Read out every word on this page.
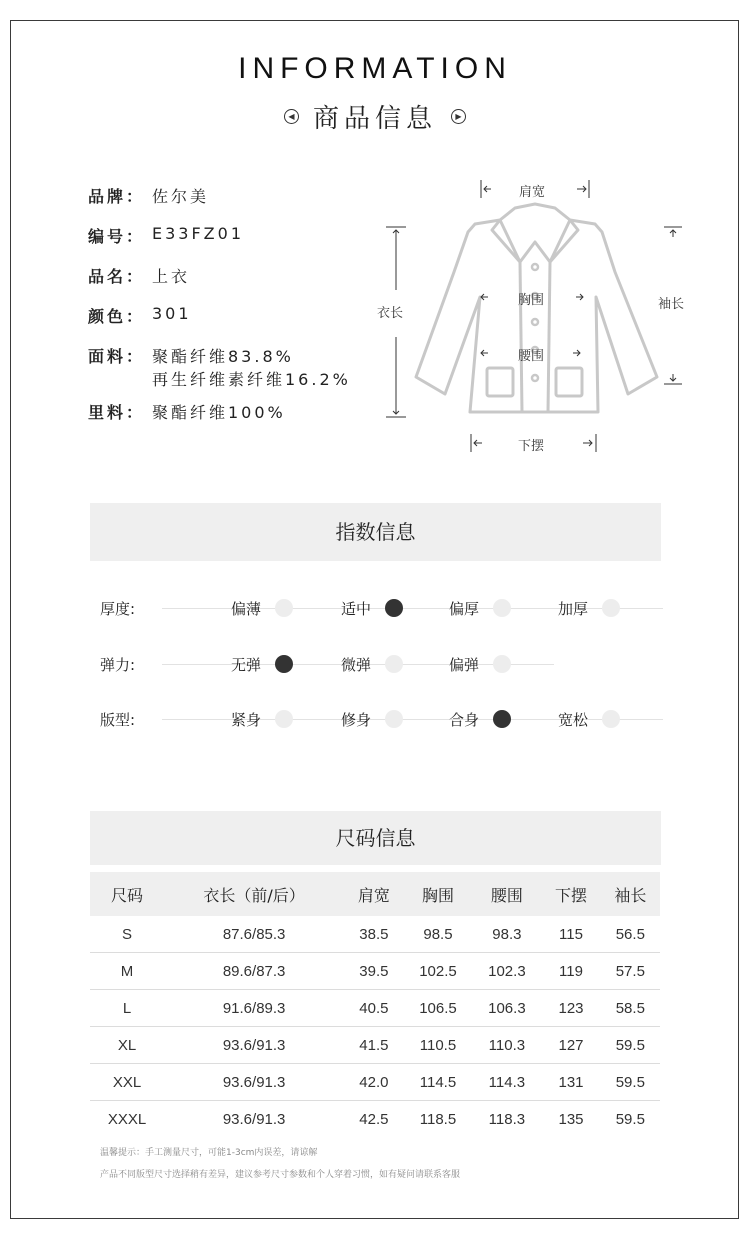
INFORMATION
◀ 商品信息	▶
品牌： 佐尔美
编号： E33FZ01
品名： 上衣
颜色： 301
面料： 聚酯纤维83.8%
再生纤维素纤维16.2%
里料： 聚酯纤维100%
肩宽
衣长
胸围
腰围
下摆
袖长
指数信息
厚度:	偏薄	适中	偏厚	加厚
弹力:	无弹	微弹	偏弹
版型:	紧身	修身	合身	宽松
尺码信息
尺码	衣长（前/后）	肩宽	胸围	腰围	下摆	袖长
S	87.6/85.3	38.5	98.5	98.3	115	56.5
M	89.6/87.3	39.5	102.5	102.3	119	57.5
L	91.6/89.3	40.5	106.5	106.3	123	58.5
XL	93.6/91.3	41.5	110.5	110.3	127	59.5
XXL	93.6/91.3	42.0	114.5	114.3	131	59.5
XXXL	93.6/91.3	42.5	118.5	118.3	135	59.5
温馨提示：手工测量尺寸，可能1-3cm内误差，请谅解
产品不同版型尺寸选择稍有差异，建议参考尺寸参数和个人穿着习惯，如有疑问请联系客服
